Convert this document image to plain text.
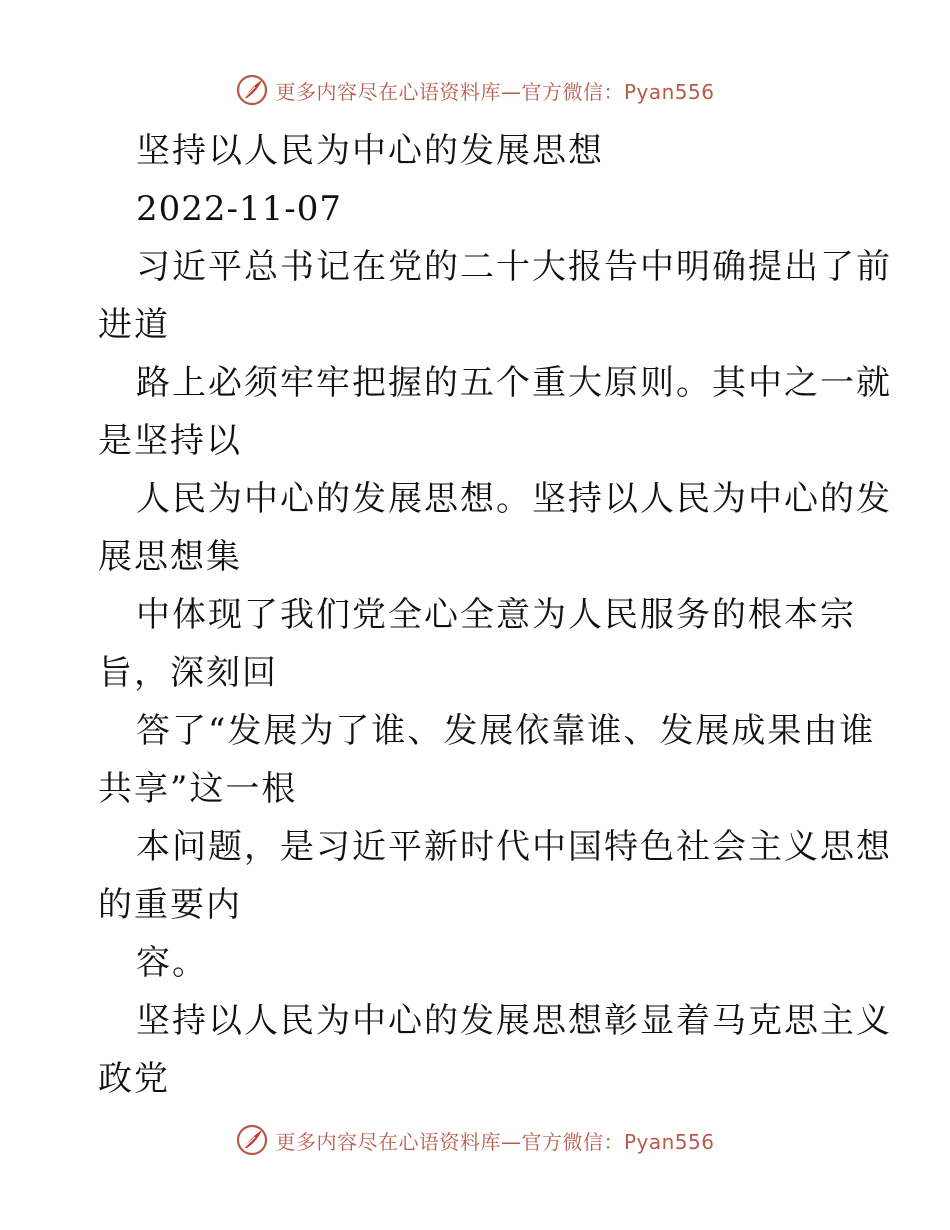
更多内容尽在心语资料库—官方微信：Pyan556
坚持以人民为中心的发展思想
2022-11-07
习近平总书记在党的二十大报告中明确提出了前
进道
路上必须牢牢把握的五个重大原则。其中之一就
是坚持以
人民为中心的发展思想。坚持以人民为中心的发
展思想集
中体现了我们党全心全意为人民服务的根本宗
旨，深刻回
答了“发展为了谁、发展依靠谁、发展成果由谁
共享”这一根
本问题，是习近平新时代中国特色社会主义思想
的重要内
容。
坚持以人民为中心的发展思想彰显着马克思主义
政党
更多内容尽在心语资料库—官方微信：Pyan556
